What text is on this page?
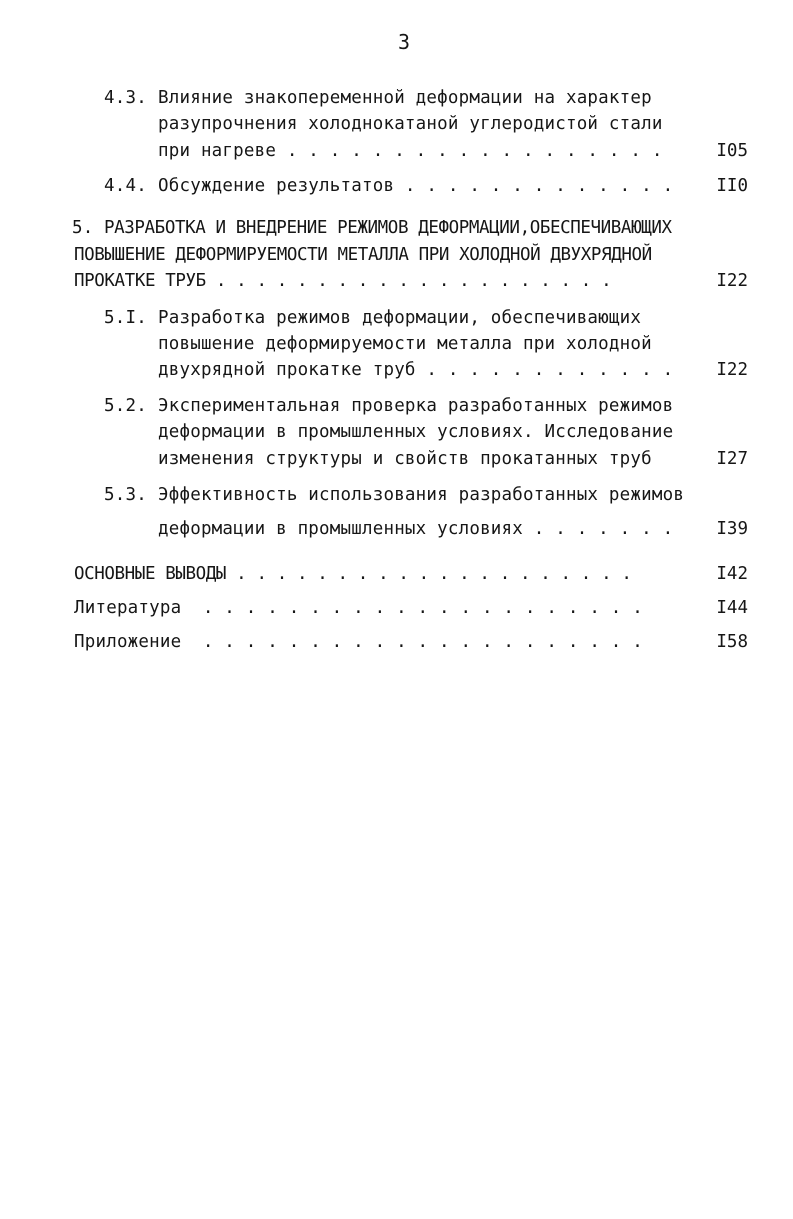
3
4.3. Влияние знакопеременной деформации на характер
разупрочнения холоднокатаной углеродистой стали
при нагреве . . . . . . . . . . . . . . . . . .	I05
4.4. Обсуждение результатов . . . . . . . . . . . . . II0
5. РАЗРАБОТКА И ВНЕДРЕНИЕ РЕЖИМОВ ДЕФОРМАЦИИ,ОБЕСПЕЧИВАЮЩИХ
ПОВЫШЕНИЕ ДЕФОРМИРУЕМОСТИ МЕТАЛЛА ПРИ ХОЛОДНОЙ ДВУХРЯДНОЙ
ПРОКАТКЕ ТРУБ . . . . . . . . . . . . . . . . . . . .	I22
5.I. Разработка режимов деформации, обеспечивающих
повышение деформируемости металла при холодной
двухрядной прокатке труб . . . . . . . . . . . . I22
5.2. Экспериментальная проверка разработанных режимов
деформации в промышленных условиях. Исследование
изменения структуры и свойств прокатанных труб	I27
5.3. Эффективность использования разработанных режимов
деформации в промышленных условиях . . . . . . . I39
ОСНОВНЫЕ ВЫВОДЫ . . . . . . . . . . . . . . . . . . . .	I42
Литература  . . . . . . . . . . . . . . . . . . . . .	I44
Приложение  . . . . . . . . . . . . . . . . . . . . .	I58
